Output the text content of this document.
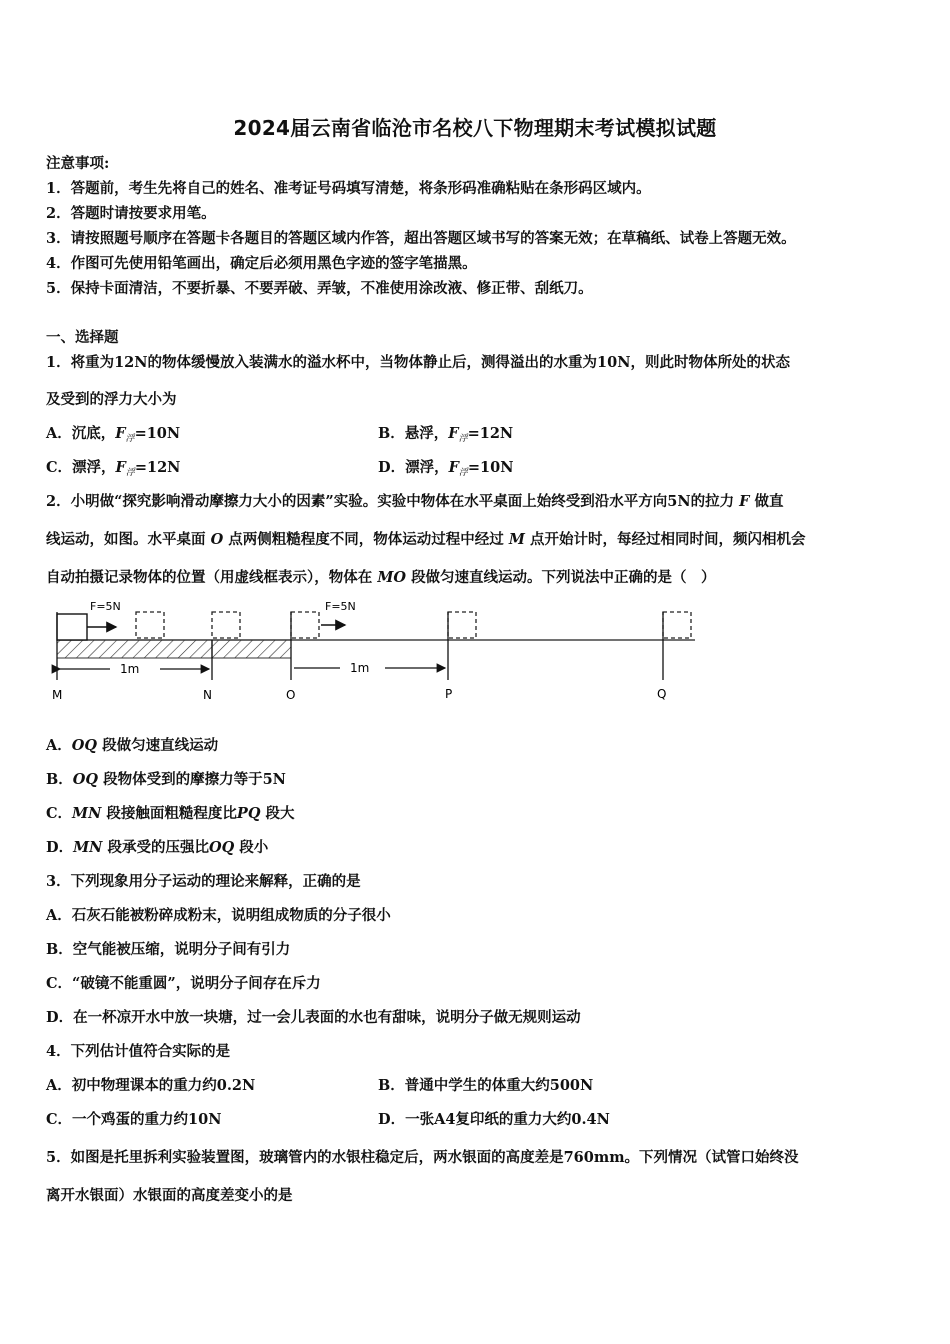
2024届云南省临沧市名校八下物理期末考试模拟试题
注意事项:
1．答题前，考生先将自己的姓名、准考证号码填写清楚，将条形码准确粘贴在条形码区域内。
2．答题时请按要求用笔。
3．请按照题号顺序在答题卡各题目的答题区域内作答，超出答题区域书写的答案无效；在草稿纸、试卷上答题无效。
4．作图可先使用铅笔画出，确定后必须用黑色字迹的签字笔描黑。
5．保持卡面清洁，不要折暴、不要弄破、弄皱，不准使用涂改液、修正带、刮纸刀。
一、选择题
1．将重为12N的物体缓慢放入装满水的溢水杯中，当物体静止后，测得溢出的水重为10N，则此时物体所处的状态
及受到的浮力大小为
A．沉底，$F_浮=10N$	B．悬浮，$F_浮=12N$
C．漂浮，$F_浮=12N$	D．漂浮，$F_浮=10N$
2．小明做“探究影响滑动摩擦力大小的因素”实验。实验中物体在水平桌面上始终受到沿水平方向5N的拉力 F 做直
线运动，如图。水平桌面 O 点两侧粗糙程度不同，物体运动过程中经过 M 点开始计时，每经过相同时间，频闪相机会
自动拍摄记录物体的位置（用虚线框表示），物体在 MO 段做匀速直线运动。下列说法中正确的是（　）
F=5N	F=5N
1m	1m
M	N	O	P	Q
A．OQ 段做匀速直线运动
B．OQ 段物体受到的摩擦力等于5N
C．MN 段接触面粗糙程度比PQ 段大
D．MN 段承受的压强比OQ 段小
3．下列现象用分子运动的理论来解释，正确的是
A．石灰石能被粉碎成粉末，说明组成物质的分子很小
B．空气能被压缩，说明分子间有引力
C．“破镜不能重圆”，说明分子间存在斥力
D．在一杯凉开水中放一块塘，过一会儿表面的水也有甜味，说明分子做无规则运动
4．下列估计值符合实际的是
A．初中物理课本的重力约0.2N	B．普通中学生的体重大约500N
C．一个鸡蛋的重力约10N	D．一张A4复印纸的重力大约0.4N
5．如图是托里拆利实验装置图，玻璃管内的水银柱稳定后，两水银面的高度差是760mm。下列情况（试管口始终没
离开水银面）水银面的高度差变小的是
